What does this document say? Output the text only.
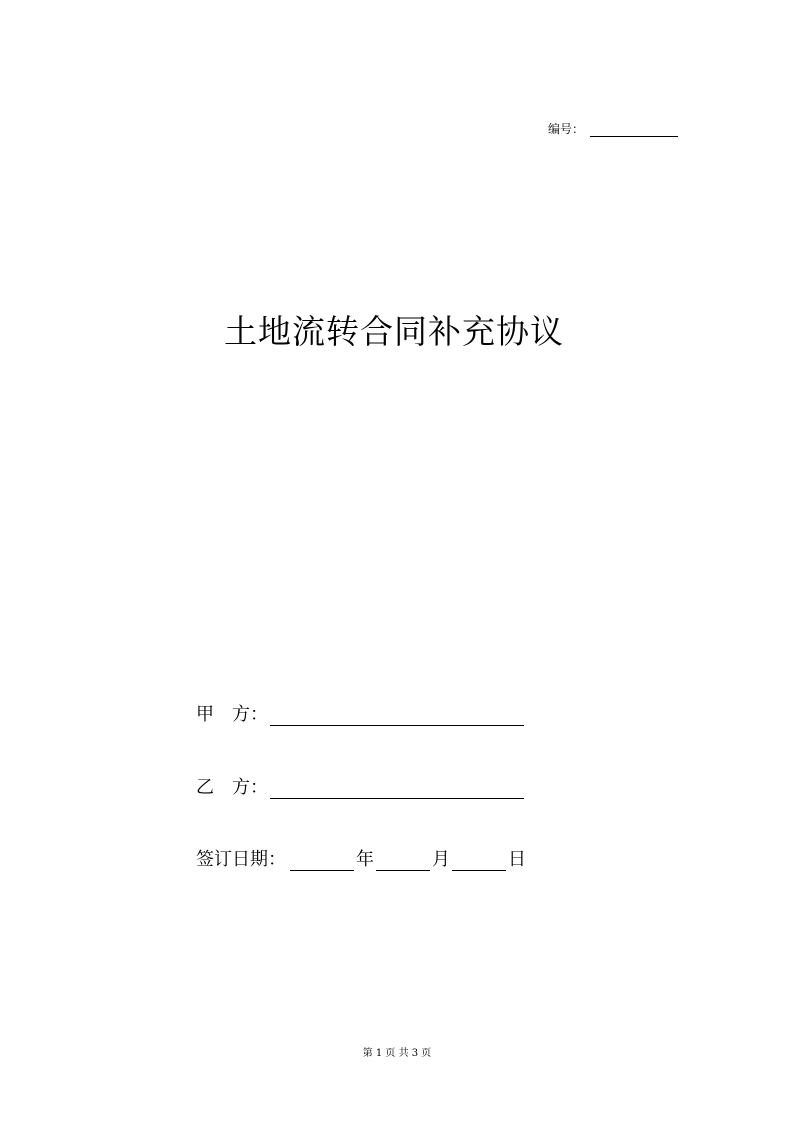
编号：
土地流转合同补充协议
甲　方：
乙　方：
签订日期：	年	月	日
第 1 页 共 3 页
